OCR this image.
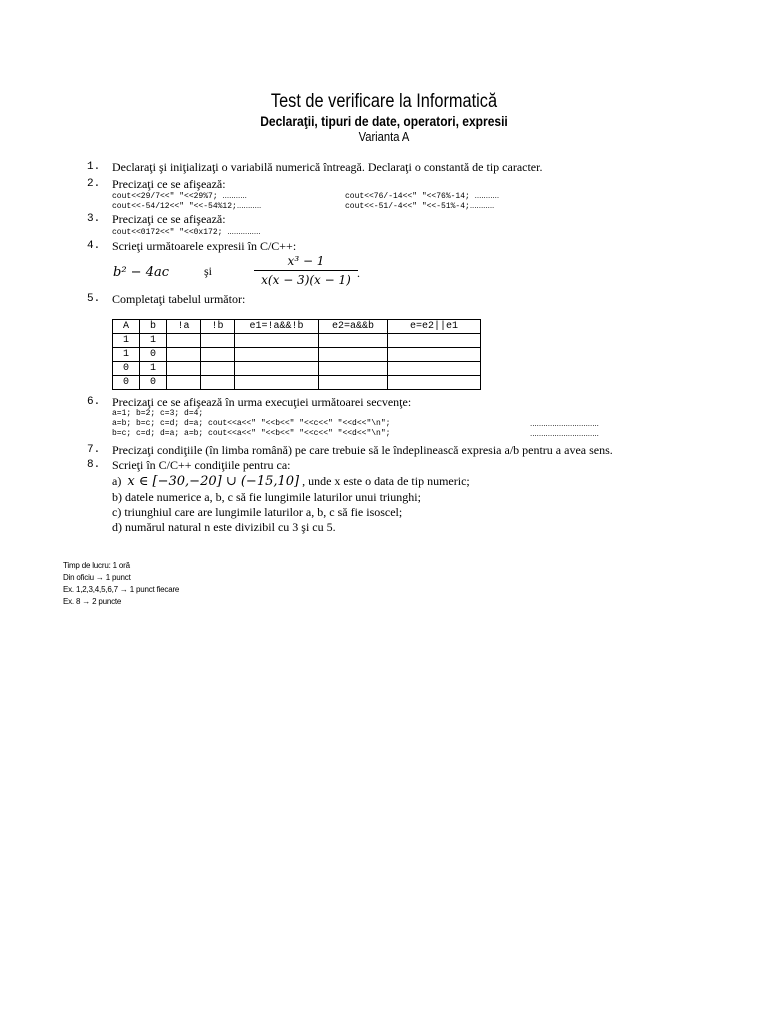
Test de verificare la Informatică
Declaraţii, tipuri de date, operatori, expresii
Varianta A
1. Declaraţi şi iniţializaţi o variabilă numerică întreagă. Declaraţi o constantă de tip caracter.
2. Precizaţi ce se afişează:
cout<<29/7<<" "<<29%7; ...........	cout<<76/-14<<" "<<76%-14; ...........
cout<<-54/12<<" "<<-54%12;...........	cout<<-51/-4<<" "<<-51%-4;...........
3. Precizaţi ce se afişează:
cout<<0172<<" "<<0x172; ...............
4. Scrieţi următoarele expresii în C/C++:
b² − 4ac	şi
x³ − 1
x(x − 3)(x − 1) .
5. Completaţi tabelul următor:
A	b	!a	!b	e1=!a&&!b	e2=a&&b	e=e2||e1
1	1					
1	0					
0	1					
0	0					
6. Precizaţi ce se afişează în urma execuţiei următoarei secvenţe:
a=1; b=2; c=3; d=4;
a=b; b=c; c=d; d=a; cout<<a<<" "<<b<<" "<<c<<" "<<d<<"\n";
b=c; c=d; d=a; a=b; cout<<a<<" "<<b<<" "<<c<<" "<<d<<"\n";
...............................
...............................
7. Precizaţi condiţiile (în limba română) pe care trebuie să le îndeplinească expresia a/b pentru a avea sens.
8. Scrieţi în C/C++ condiţiile pentru ca:
a) x ∈ [−30,−20] ∪ (−15,10] , unde x este o data de tip numeric;
b) datele numerice a, b, c să fie lungimile laturilor unui triunghi;
c) triunghiul care are lungimile laturilor a, b, c să fie isoscel;
d) numărul natural n este divizibil cu 3 şi cu 5.
Timp de lucru: 1 oră
Din oficiu → 1 punct
Ex. 1,2,3,4,5,6,7 → 1 punct fiecare
Ex. 8 → 2 puncte
